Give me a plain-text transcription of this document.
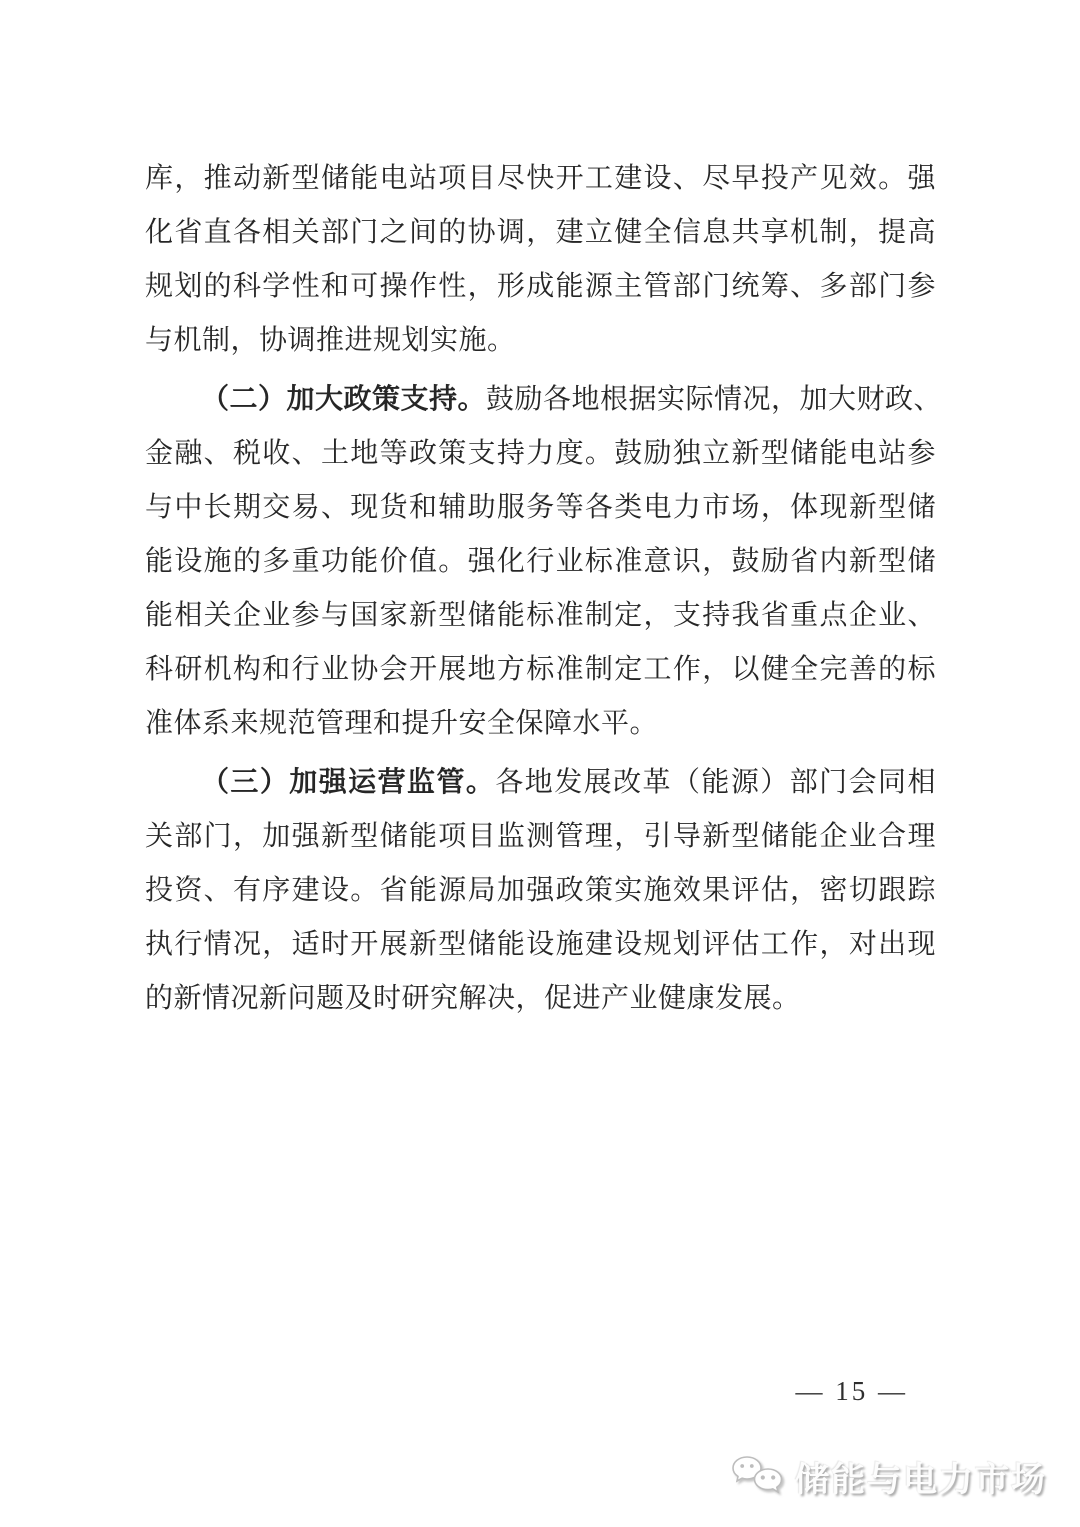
库，推动新型储能电站项目尽快开工建设、尽早投产见效。强
化省直各相关部门之间的协调，建立健全信息共享机制，提高
规划的科学性和可操作性，形成能源主管部门统筹、多部门参
与机制，协调推进规划实施。
（二）加大政策支持。鼓励各地根据实际情况，加大财政、
金融、税收、土地等政策支持力度。鼓励独立新型储能电站参
与中长期交易、现货和辅助服务等各类电力市场，体现新型储
能设施的多重功能价值。强化行业标准意识，鼓励省内新型储
能相关企业参与国家新型储能标准制定，支持我省重点企业、
科研机构和行业协会开展地方标准制定工作，以健全完善的标
准体系来规范管理和提升安全保障水平。
（三）加强运营监管。各地发展改革（能源）部门会同相
关部门，加强新型储能项目监测管理，引导新型储能企业合理
投资、有序建设。省能源局加强政策实施效果评估，密切跟踪
执行情况，适时开展新型储能设施建设规划评估工作，对出现
的新情况新问题及时研究解决，促进产业健康发展。
— 15 —
储能与电力市场
